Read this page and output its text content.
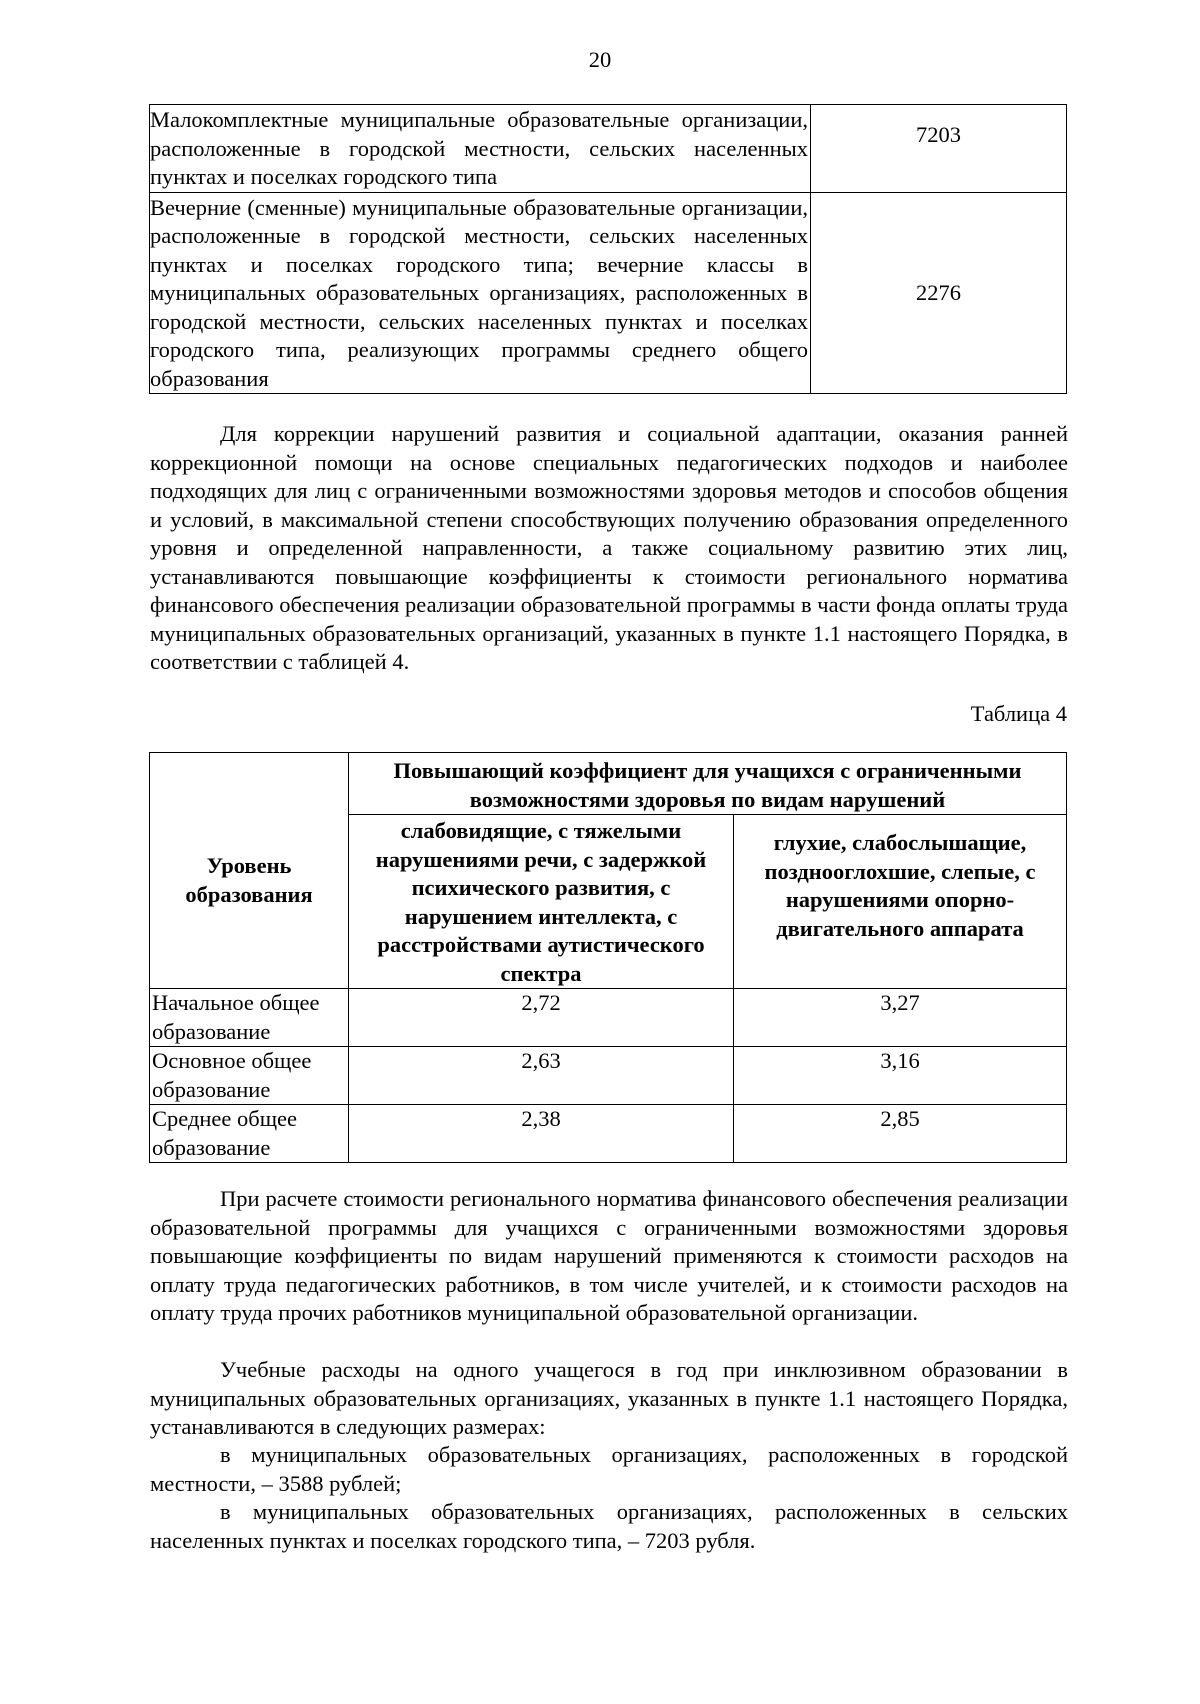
20
Малокомплектные муниципальные образовательные организации, расположенные в городской местности, сельских населенных пунктах и поселках городского типа	7203
Вечерние (сменные) муниципальные образовательные организации, расположенные в городской местности, сельских населенных пунктах и поселках городского типа; вечерние классы в муниципальных образовательных организациях, расположенных в городской местности, сельских населенных пунктах и поселках городского типа, реализующих программы среднего общего образования	2276

Для коррекции нарушений развития и социальной адаптации, оказания ранней коррекционной помощи на основе специальных педагогических подходов и наиболее подходящих для лиц с ограниченными возможностями здоровья методов и способов общения и условий, в максимальной степени способствующих получению образования определенного уровня и определенной направленности, а также социальному развитию этих лиц, устанавливаются повышающие коэффициенты к стоимости регионального норматива финансового обеспечения реализации образовательной программы в части фонда оплаты труда муниципальных образовательных организаций, указанных в пункте 1.1 настоящего Порядка, в соответствии с таблицей 4.

Таблица 4
Уровень образования	Повышающий коэффициент для учащихся с ограниченными возможностями здоровья по видам нарушений	
	слабовидящие, с тяжелыми нарушениями речи, с задержкой психического развития, с нарушением интеллекта, с расстройствами аутистического спектра	глухие, слабослышащие, позднооглохшие, слепые, с нарушениями опорно-двигательного аппарата
Начальное общее образование	2,72	3,27
Основное общее образование	2,63	3,16
Среднее общее образование	2,38	2,85

При расчете стоимости регионального норматива финансового обеспечения реализации образовательной программы для учащихся с ограниченными возможностями здоровья повышающие коэффициенты по видам нарушений применяются к стоимости расходов на оплату труда педагогических работников, в том числе учителей, и к стоимости расходов на оплату труда прочих работников муниципальной образовательной организации.

Учебные расходы на одного учащегося в год при инклюзивном образовании в муниципальных образовательных организациях, указанных в пункте 1.1 настоящего Порядка, устанавливаются в следующих размерах:

в муниципальных образовательных организациях, расположенных в городской местности, – 3588 рублей;

в муниципальных образовательных организациях, расположенных в сельских населенных пунктах и поселках городского типа, – 7203 рубля.
